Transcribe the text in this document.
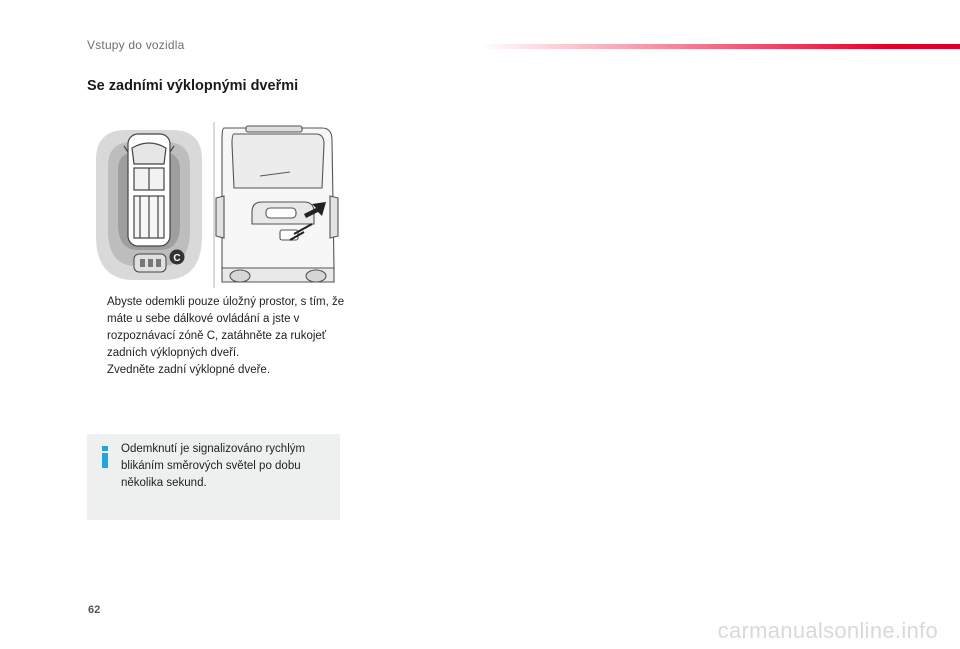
Vstupy do vozidla
Se zadními výklopnými dveřmi
C
Abyste odemkli pouze úložný prostor, s tím, že máte u sebe dálkové ovládání a jste v rozpoznávací zóně C, zatáhněte za rukojeť zadních výklopných dveří.
Zvedněte zadní výklopné dveře.
Odemknutí je signalizováno rychlým blikáním směrových světel po dobu několika sekund.
62
carmanualsonline.info
